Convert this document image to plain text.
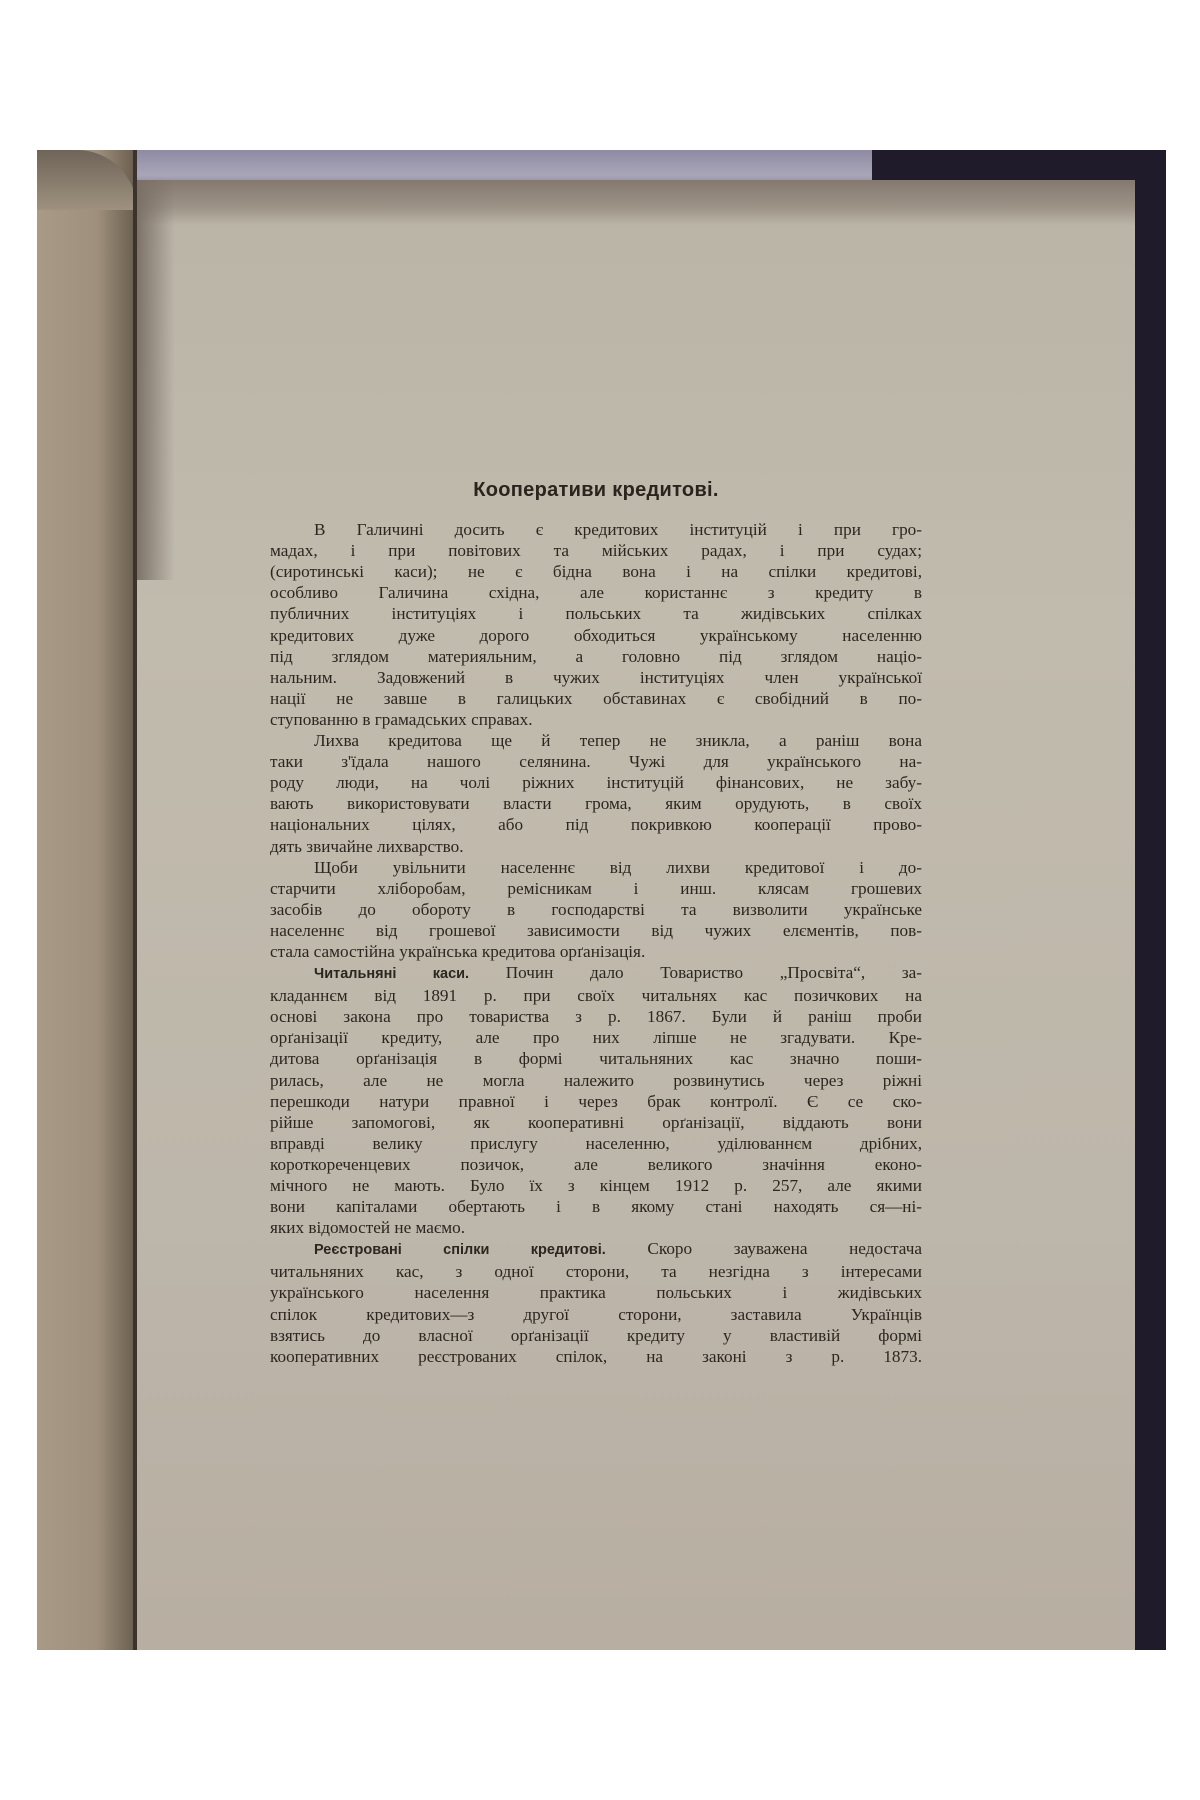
Кооперативи кредитові.
В Галичині досить є кредитових інституцій і при гро-
мадах, і при повітових та мійських радах, і при судах;
(сиротинські каси); не є бідна вона і на спілки кредитові,
особливо Галичина східна, але користаннє з кредиту в
публичних інституціях і польських та жидівських спілках
кредитових дуже дорого обходиться українському населенню
під зглядом материяльним, а головно під зглядом націо-
нальним. Задовжений в чужих інституціях член української
нації не завше в галицьких обставинах є свобідний в по-
ступованню в грамадських справах.
Лихва кредитова ще й тепер не зникла, а раніш вона
таки з'їдала нашого селянина. Чужі для українського на-
роду люди, на чолі ріжних інституцій фінансових, не забу-
вають використовувати власти грома, яким орудують, в своїх
національних цілях, або під покривкою кооперації прово-
дять звичайне лихварство.
Щоби увільнити населеннє від лихви кредитової і до-
старчити хліборобам, ремісникам і инш. клясам грошевих
засобів до обороту в господарстві та визволити українське
населеннє від грошевої зависимости від чужих елєментів, пов-
стала самостійна українська кредитова орґанізація.
Читальняні каси. Почин дало Товариство „Просвіта“, за-
кладаннєм від 1891 р. при своїх читальнях кас позичкових на
основі закона про товариства з р. 1867. Були й раніш проби
орґанізації кредиту, але про них ліпше не згадувати. Кре-
дитова орґанізація в формі читальняних кас значно поши-
рилась, але не могла належито розвинутись через ріжні
перешкоди натури правної і через брак контролї. Є се ско-
рійше запомогові, як кооперативні орґанізації, віддають вони
вправді велику прислугу населенню, уділюваннєм дрібних,
короткореченцевих позичок, але великого значіння еконо-
мічного не мають. Було їх з кінцем 1912 р. 257, але якими
вони капіталами обертають і в якому стані находять ся—ні-
яких відомостей не маємо.
Реєстровані спілки кредитові. Скоро зауважена недостача
читальняних кас, з одної сторони, та незгідна з інтересами
українського населення практика польських і жидівських
спілок кредитових—з другої сторони, заставила Українців
взятись до власної орґанізації кредиту у властивій формі
кооперативних реєстрованих спілок, на законі з р. 1873.
